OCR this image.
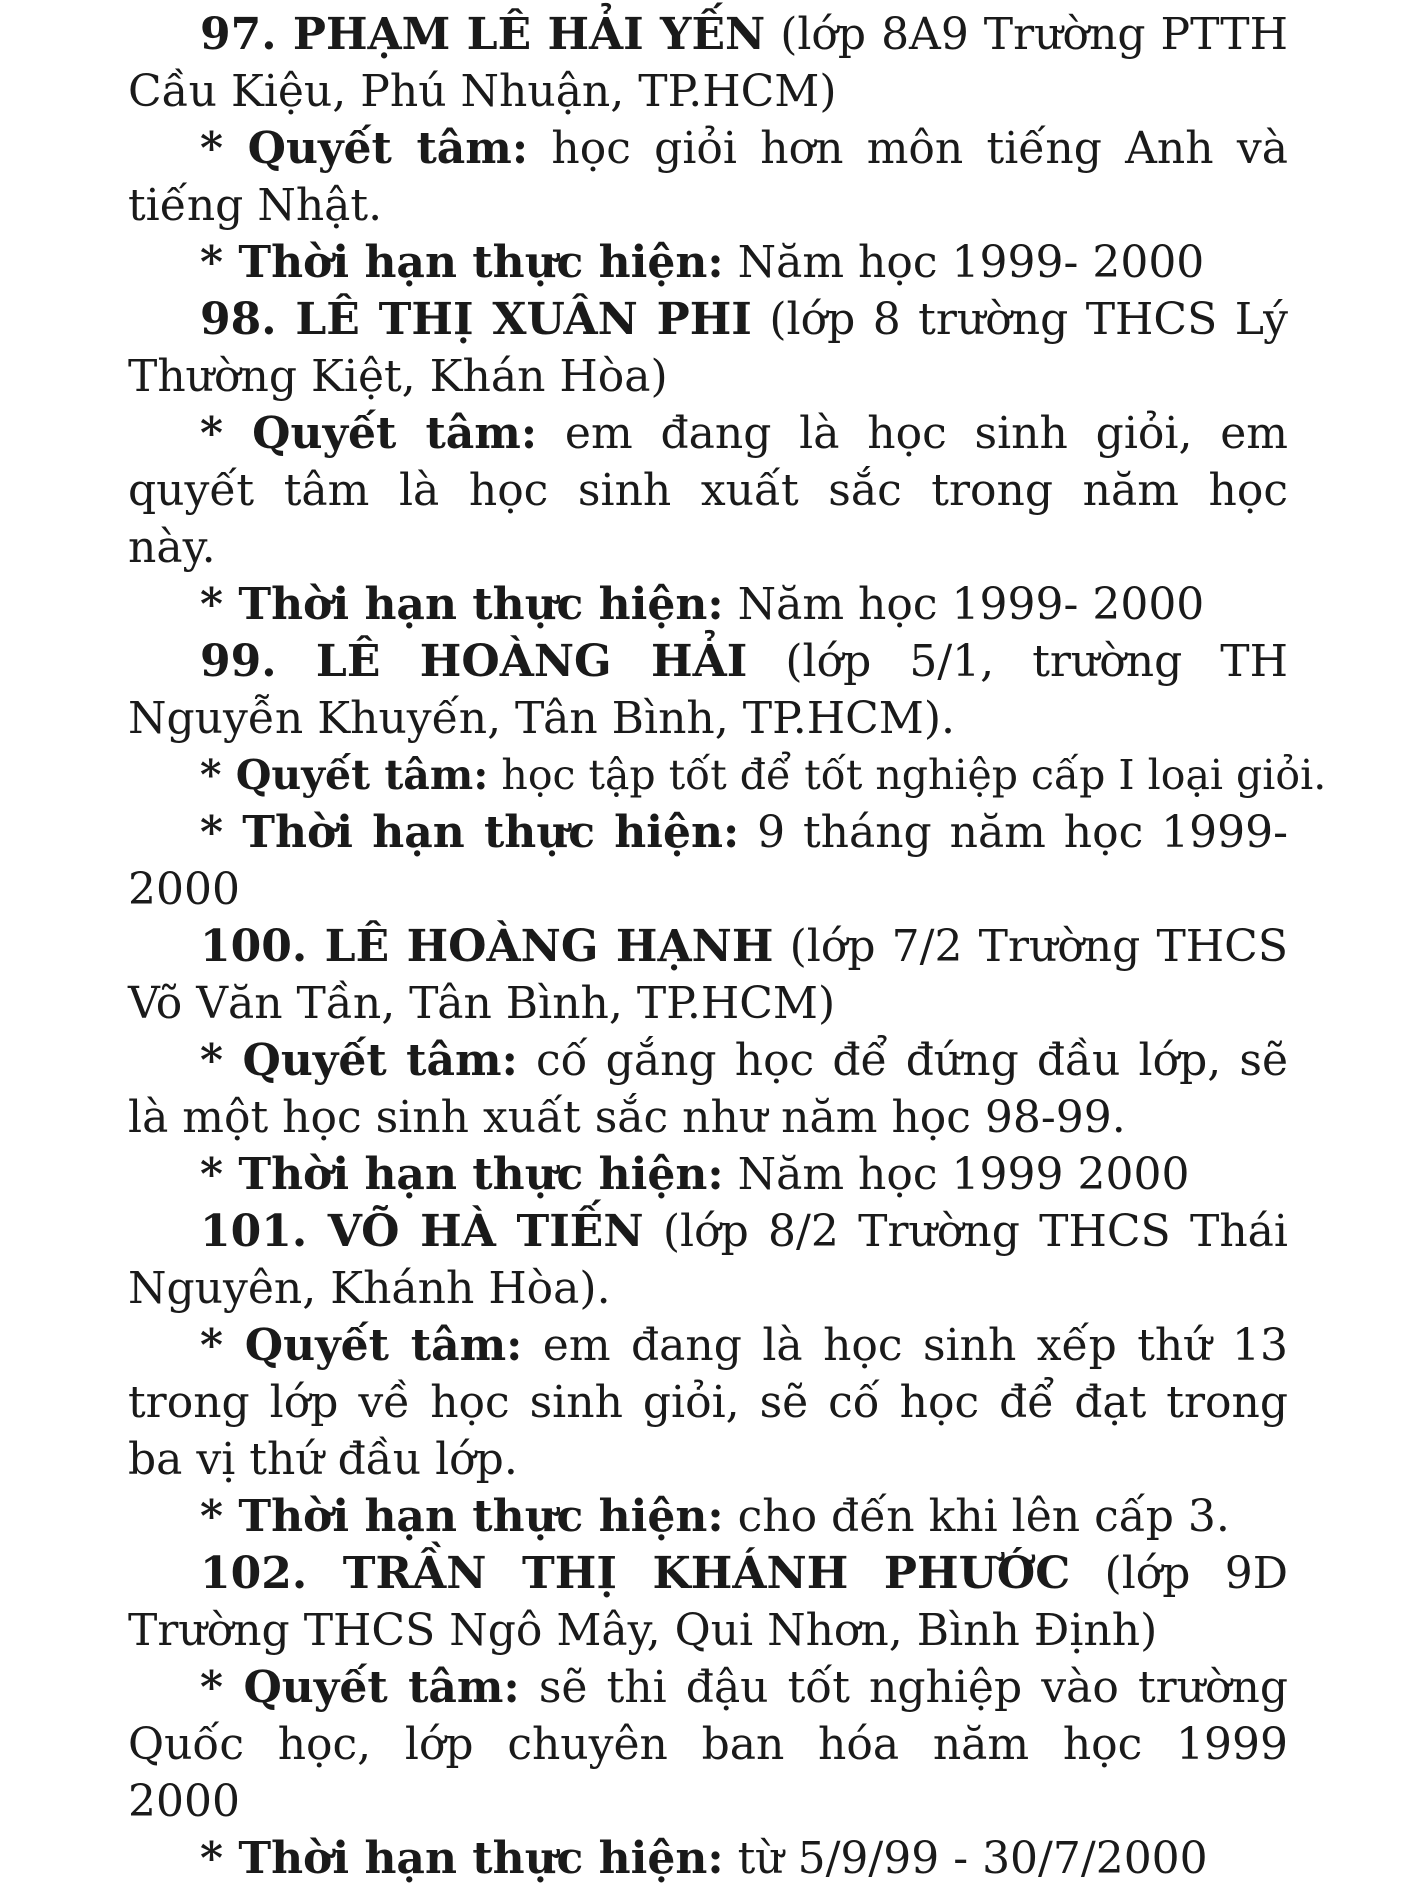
97. PHẠM LÊ HẢI YẾN (lớp 8A9 Trường PTTH
Cầu Kiệu, Phú Nhuận, TP.HCM)
* Quyết tâm: học giỏi hơn môn tiếng Anh và
tiếng Nhật.
* Thời hạn thực hiện: Năm học 1999- 2000
98. LÊ THỊ XUÂN PHI (lớp 8 trường THCS Lý
Thường Kiệt, Khán Hòa)
* Quyết tâm: em đang là học sinh giỏi, em
quyết tâm là học sinh xuất sắc trong năm học
này.
* Thời hạn thực hiện: Năm học 1999- 2000
99. LÊ HOÀNG HẢI (lớp 5/1, trường TH
Nguyễn Khuyến, Tân Bình, TP.HCM).
* Quyết tâm: học tập tốt để tốt nghiệp cấp I loại giỏi.
* Thời hạn thực hiện: 9 tháng năm học 1999-
2000
100. LÊ HOÀNG HẠNH (lớp 7/2 Trường THCS
Võ Văn Tần, Tân Bình, TP.HCM)
* Quyết tâm: cố gắng học để đứng đầu lớp, sẽ
là một học sinh xuất sắc như năm học 98-99.
* Thời hạn thực hiện: Năm học 1999 2000
101. VÕ HÀ TIẾN (lớp 8/2 Trường THCS Thái
Nguyên, Khánh Hòa).
* Quyết tâm: em đang là học sinh xếp thứ 13
trong lớp về học sinh giỏi, sẽ cố học để đạt trong
ba vị thứ đầu lớp.
* Thời hạn thực hiện: cho đến khi lên cấp 3.
102. TRẦN THỊ KHÁNH PHƯỚC (lớp 9D
Trường THCS Ngô Mây, Qui Nhơn, Bình Định)
* Quyết tâm: sẽ thi đậu tốt nghiệp vào trường
Quốc học, lớp chuyên ban hóa năm học 1999
2000
* Thời hạn thực hiện: từ 5/9/99 - 30/7/2000
